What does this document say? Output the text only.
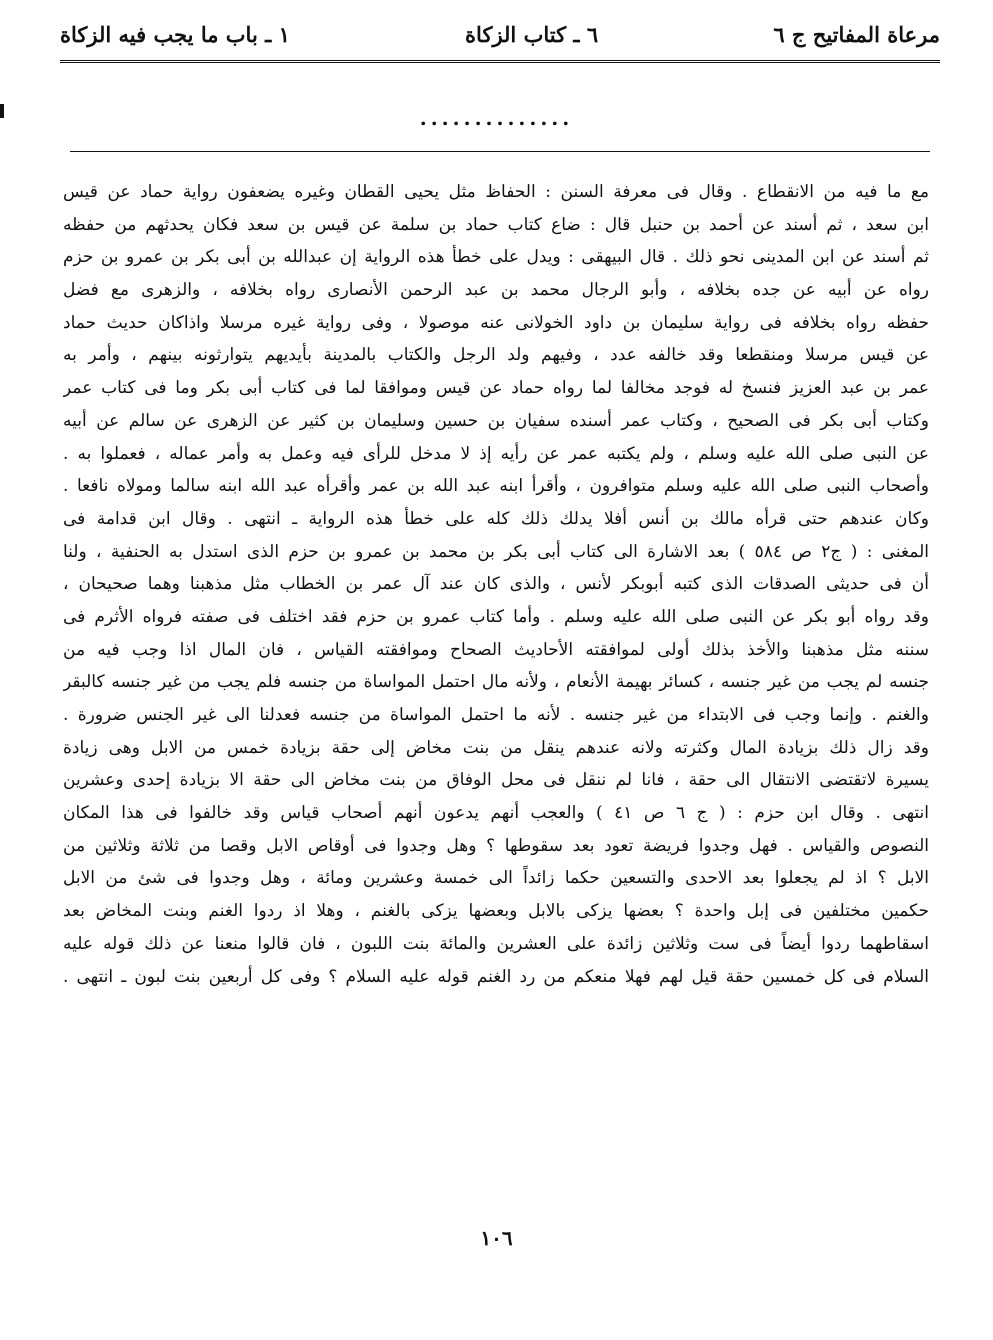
مرعاة المفاتيح ج ٦
٦ ـ كتاب الزكاة
١ ـ باب ما يجب فيه الزكاة
..............
مع ما فيه من الانقطاع . وقال فى معرفة السنن : الحفاظ مثل يحيى القطان وغيره يضعفون رواية حماد عن قيس
ابن سعد ، ثم أسند عن أحمد بن حنبل قال : ضاع كتاب حماد بن سلمة عن قيس بن سعد فكان يحدثهم من حفظه
ثم أسند عن ابن المدينى نحو ذلك . قال البيهقى : ويدل على خطأ هذه الرواية إن عبدالله بن أبى بكر بن عمرو بن حزم
رواه عن أبيه عن جده بخلافه ، وأبو الرجال محمد بن عبد الرحمن الأنصارى رواه بخلافه ، والزهرى مع فضل
حفظه رواه بخلافه فى رواية سليمان بن داود الخولانى عنه موصولا ، وفى رواية غيره مرسلا واذاكان حديث حماد
عن قيس مرسلا ومنقطعا وقد خالفه عدد ، وفيهم ولد الرجل والكتاب بالمدينة بأيديهم يتوارثونه بينهم ، وأمر به
عمر بن عبد العزيز فنسخ له فوجد مخالفا لما رواه حماد عن قيس وموافقا لما فى كتاب أبى بكر وما فى كتاب عمر
وكتاب أبى بكر فى الصحيح ، وكتاب عمر أسنده سفيان بن حسين وسليمان بن كثير عن الزهرى عن سالم عن أبيه
عن النبى صلى الله عليه وسلم ، ولم يكتبه عمر عن رأيه إذ لا مدخل للرأى فيه وعمل به وأمر عماله ، فعملوا به .
وأصحاب النبى صلى الله عليه وسلم متوافرون ، وأقرأ ابنه عبد الله بن عمر وأقرأه عبد الله ابنه سالما ومولاه نافعا .
وكان عندهم حتى قرأه مالك بن أنس أفلا يدلك ذلك كله على خطأ هذه الرواية ـ انتهى . وقال ابن قدامة فى
المغنى : ( ج٢ ص ٥٨٤ ) بعد الاشارة الى كتاب أبى بكر بن محمد بن عمرو بن حزم الذى استدل به الحنفية ، ولنا
أن فى حديثى الصدقات الذى كتبه أبوبكر لأنس ، والذى كان عند آل عمر بن الخطاب مثل مذهبنا وهما صحيحان ،
وقد رواه أبو بكر عن النبى صلى الله عليه وسلم . وأما كتاب عمرو بن حزم فقد اختلف فى صفته فرواه الأثرم فى
سننه مثل مذهبنا والأخذ بذلك أولى لموافقته الأحاديث الصحاح وموافقته القياس ، فان المال اذا وجب فيه من
جنسه لم يجب من غير جنسه ، كسائر بهيمة الأنعام ، ولأنه مال احتمل المواساة من جنسه فلم يجب من غير جنسه كالبقر
والغنم . وإنما وجب فى الابتداء من غير جنسه . لأنه ما احتمل المواساة من جنسه فعدلنا الى غير الجنس ضرورة .
وقد زال ذلك بزيادة المال وكثرته ولانه عندهم ينقل من بنت مخاض إلى حقة بزيادة خمس من الابل وهى زيادة
يسيرة لاتقتضى الانتقال الى حقة ، فانا لم ننقل فى محل الوفاق من بنت مخاض الى حقة الا بزيادة إحدى وعشرين
انتهى . وقال ابن حزم : ( ج ٦ ص ٤١ ) والعجب أنهم يدعون أنهم أصحاب قياس وقد خالفوا فى هذا المكان
النصوص والقياس . فهل وجدوا فريضة تعود بعد سقوطها ؟ وهل وجدوا فى أوقاص الابل وقصا من ثلاثة وثلاثين من
الابل ؟ اذ لم يجعلوا بعد الاحدى والتسعين حكما زائداً الى خمسة وعشرين ومائة ، وهل وجدوا فى شئ من الابل
حكمين مختلفين فى إبل واحدة ؟ بعضها يزكى بالابل وبعضها يزكى بالغنم ، وهلا اذ ردوا الغنم وبنت المخاض بعد
اسقاطهما ردوا أيضاً فى ست وثلاثين زائدة على العشرين والمائة بنت اللبون ، فان قالوا منعنا عن ذلك قوله عليه
السلام فى كل خمسين حقة قيل لهم فهلا منعكم من رد الغنم قوله عليه السلام ؟ وفى كل أربعين بنت لبون ـ انتهى .
١٠٦
